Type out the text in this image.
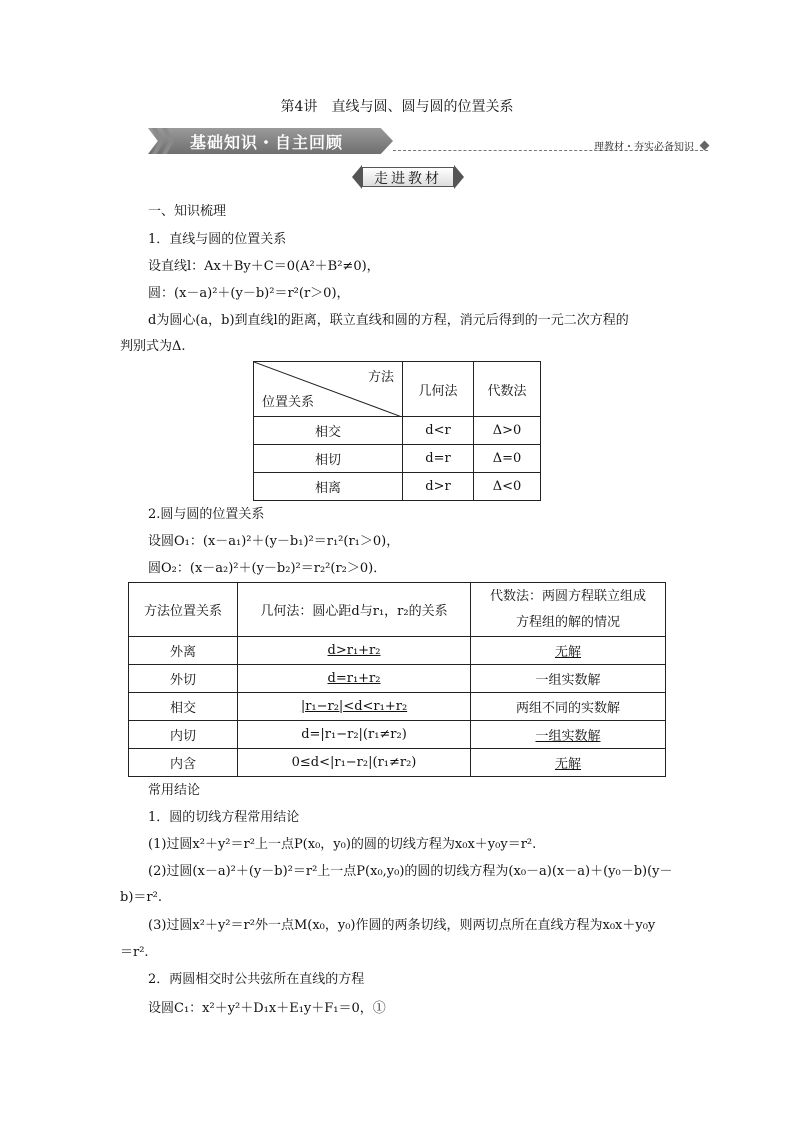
第4讲　直线与圆、圆与圆的位置关系
基础知识・自主回顾	理教材・夯实必备知识
走进教材
一、知识梳理
1．直线与圆的位置关系
设直线l：Ax＋By＋C＝0(A²＋B²≠0)，
圆：(x－a)²＋(y－b)²＝r²(r＞0)，
d为圆心(a，b)到直线l的距离，联立直线和圆的方程，消元后得到的一元二次方程的
判别式为Δ.
方法
位置关系	几何法	代数法
相交	d<r	Δ>0
相切	d=r	Δ=0
相离	d>r	Δ<0
2.圆与圆的位置关系
设圆O₁：(x－a₁)²＋(y－b₁)²＝r₁²(r₁＞0)，
圆O₂：(x－a₂)²＋(y－b₂)²＝r₂²(r₂＞0)．
方法位置关系	几何法：圆心距d与r₁，r₂的关系	代数法：两圆方程联立组成
方程组的解的情况

外离	d>r₁+r₂	无解
外切	d=r₁+r₂	一组实数解
相交	|r₁−r₂|<d<r₁+r₂	两组不同的实数解
内切	d=|r₁−r₂|(r₁≠r₂)	一组实数解
内含	0≤d<|r₁−r₂|(r₁≠r₂)	无解
常用结论
1．圆的切线方程常用结论
(1)过圆x²＋y²＝r²上一点P(x₀，y₀)的圆的切线方程为x₀x＋y₀y＝r².
(2)过圆(x－a)²＋(y－b)²＝r²上一点P(x₀,y₀)的圆的切线方程为(x₀－a)(x－a)＋(y₀－b)(y－
b)＝r².
(3)过圆x²＋y²＝r²外一点M(x₀，y₀)作圆的两条切线，则两切点所在直线方程为x₀x＋y₀y
＝r².
2．两圆相交时公共弦所在直线的方程
设圆C₁：x²＋y²＋D₁x＋E₁y＋F₁＝0，①
